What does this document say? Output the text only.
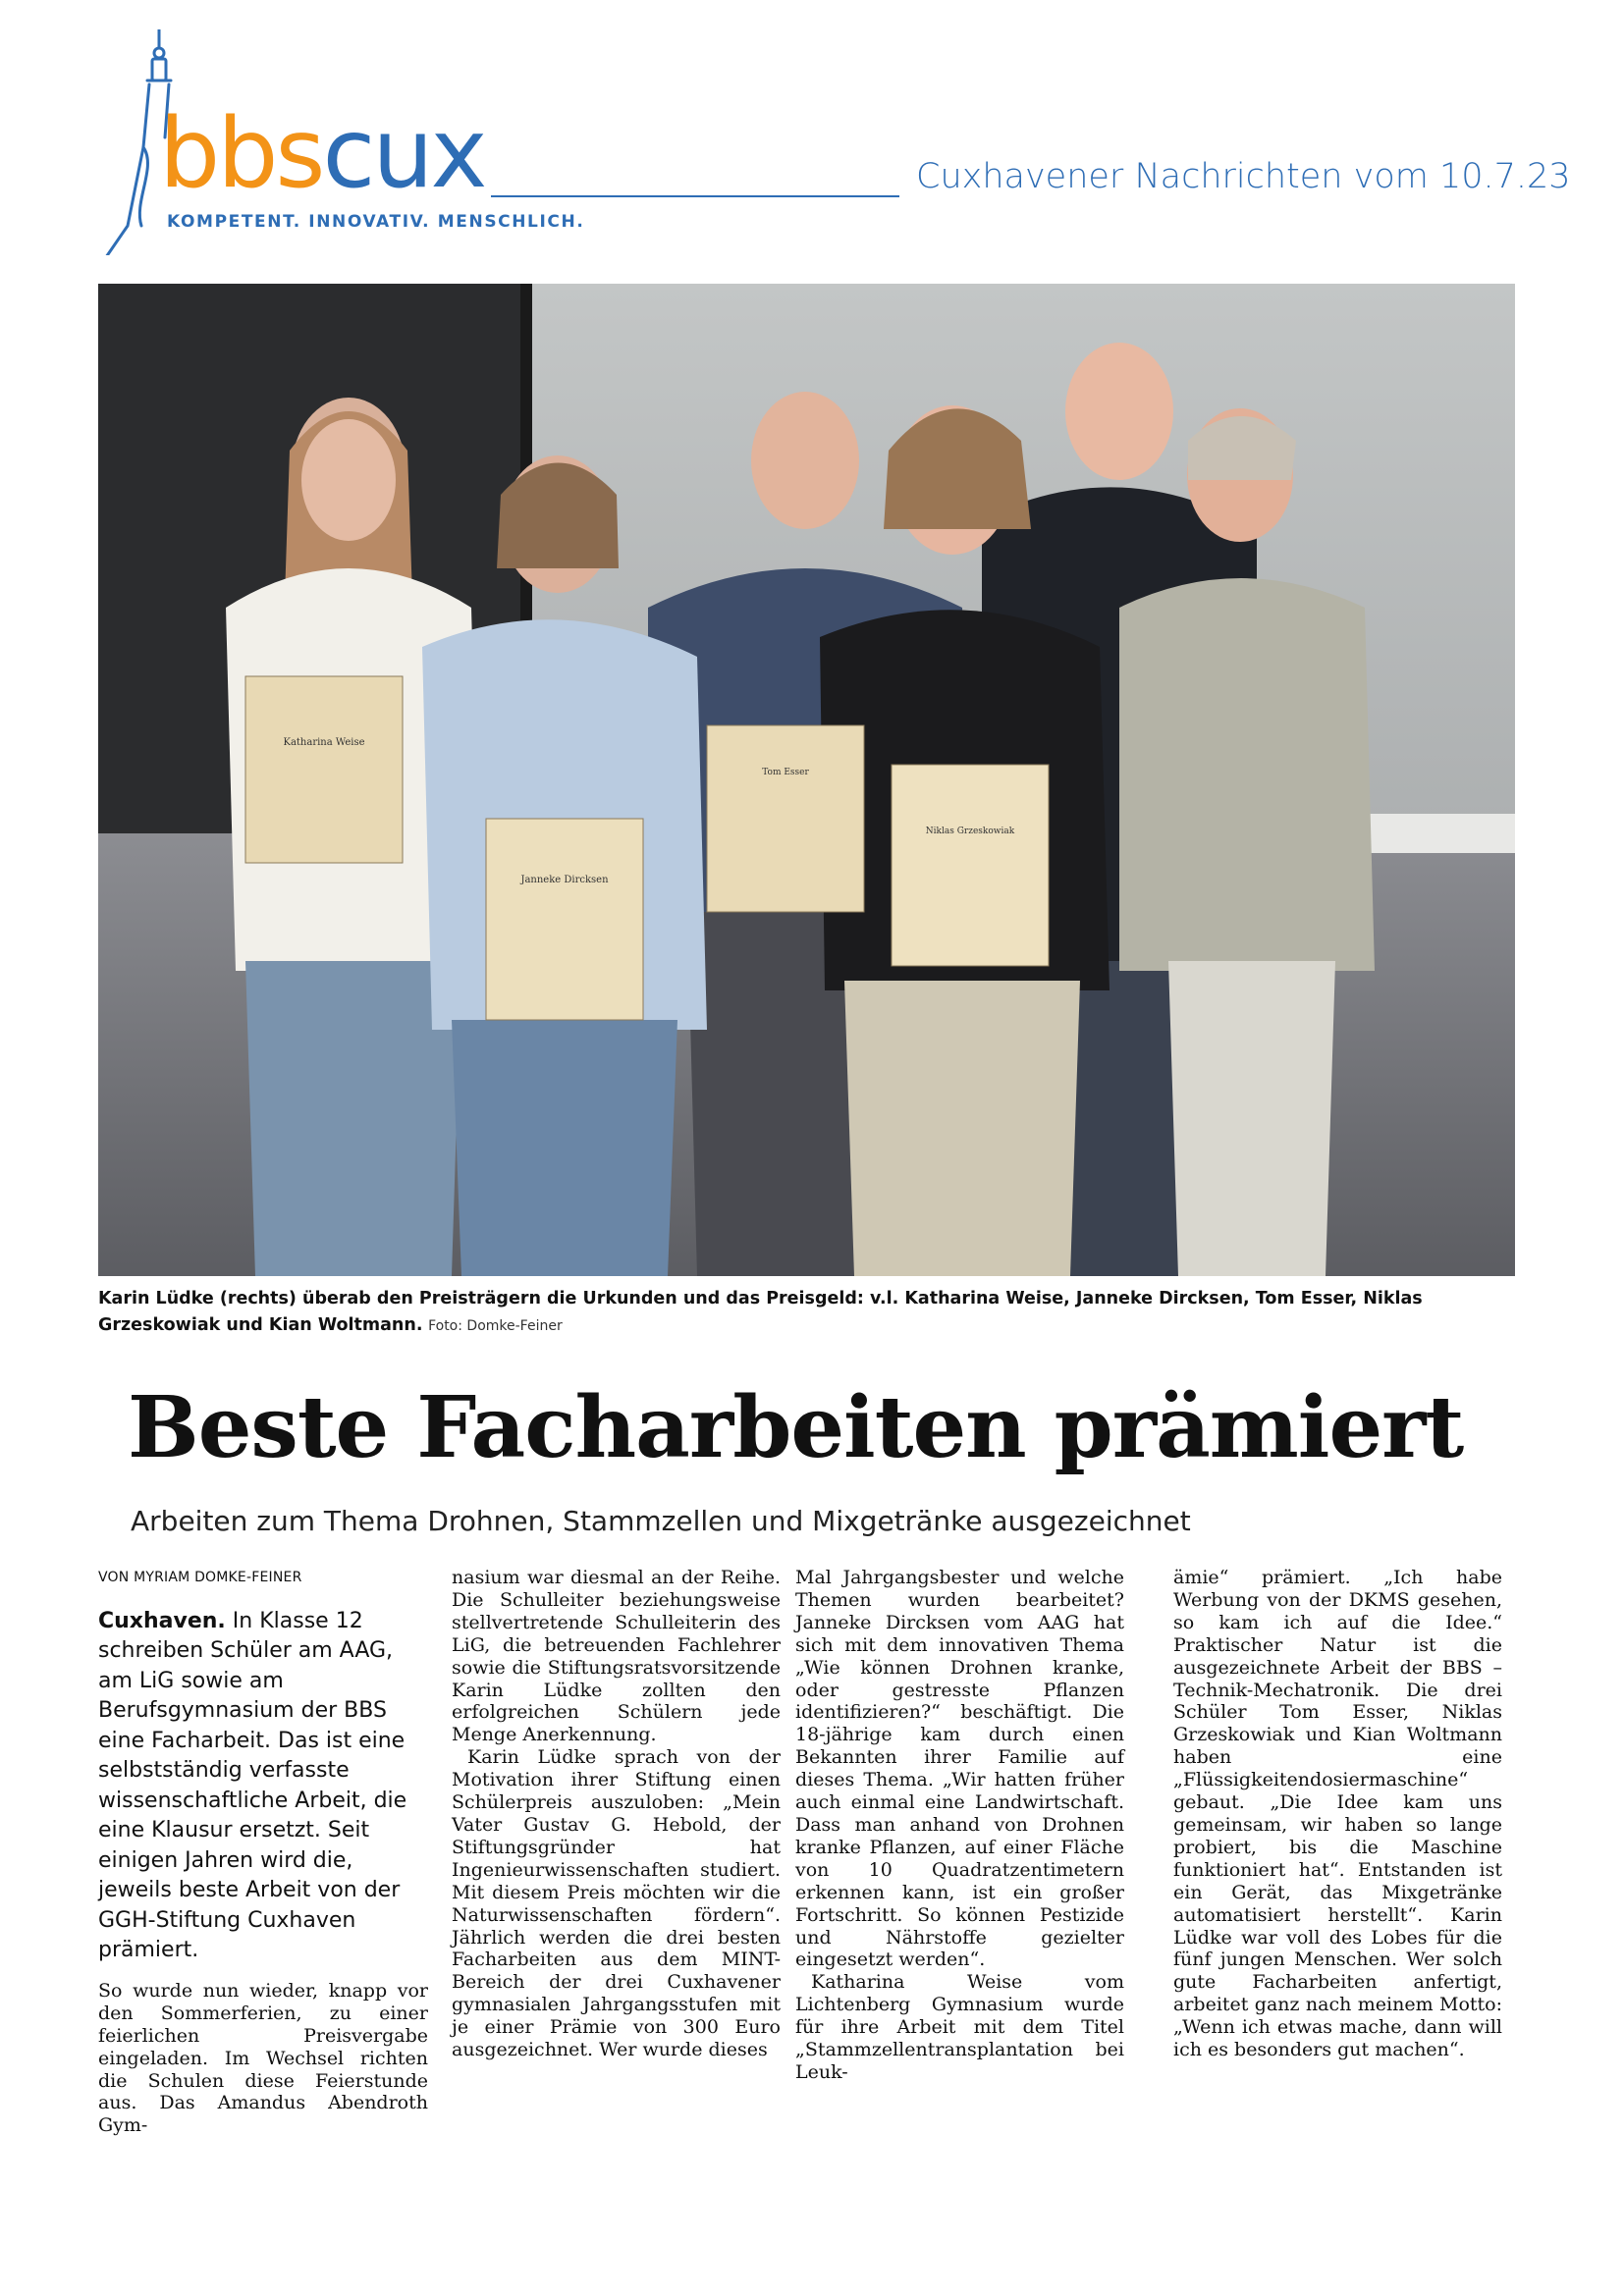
bbscux

KOMPETENT. INNOVATIV. MENSCHLICH.

Cuxhavener Nachrichten vom 10.7.23

Katharina Weise
Janneke Dircksen
Tom Esser
Niklas Grzeskowiak

Karin Lüdke (rechts) überab den Preisträgern die Urkunden und das Preisgeld: v.l. Katharina Weise, Janneke Dircksen, Tom Esser, Niklas Grzeskowiak und Kian Woltmann. Foto: Domke-Feiner

Beste Facharbeiten prämiert

Arbeiten zum Thema Drohnen, Stammzellen und Mixgetränke ausgezeichnet

VON MYRIAM DOMKE-FEINER

Cuxhaven. In Klasse 12 schreiben Schüler am AAG, am LiG sowie am Berufsgymnasium der BBS eine Facharbeit. Das ist eine selbstständig verfasste wissenschaftliche Arbeit, die eine Klausur ersetzt. Seit einigen Jahren wird die, jeweils beste Arbeit von der GGH-Stiftung Cuxhaven prämiert.

So wurde nun wieder, knapp vor den Sommerferien, zu einer feierlichen Preisvergabe eingeladen. Im Wechsel richten die Schulen diese Feierstunde aus. Das Amandus Abendroth Gym-

nasium war diesmal an der Reihe. Die Schulleiter beziehungsweise stellvertretende Schulleiterin des LiG, die betreuenden Fachlehrer sowie die Stiftungsratsvorsitzende Karin Lüdke zollten den erfolgreichen Schülern jede Menge Anerkennung.

Karin Lüdke sprach von der Motivation ihrer Stiftung einen Schülerpreis auszuloben: „Mein Vater Gustav G. Hebold, der Stiftungsgründer hat Ingenieurwissenschaften studiert. Mit diesem Preis möchten wir die Naturwissenschaften fördern“. Jährlich werden die drei besten Facharbeiten aus dem MINT-Bereich der drei Cuxhavener gymnasialen Jahrgangsstufen mit je einer Prämie von 300 Euro ausgezeichnet. Wer wurde dieses

Mal Jahrgangsbester und welche Themen wurden bearbeitet? Janneke Dircksen vom AAG hat sich mit dem innovativen Thema „Wie können Drohnen kranke, oder gestresste Pflanzen identifizieren?“ beschäftigt. Die 18-jährige kam durch einen Bekannten ihrer Familie auf dieses Thema. „Wir hatten früher auch einmal eine Landwirtschaft. Dass man anhand von Drohnen kranke Pflanzen, auf einer Fläche von 10 Quadratzentimetern erkennen kann, ist ein großer Fortschritt. So können Pestizide und Nährstoffe gezielter eingesetzt werden“.

Katharina Weise vom Lichtenberg Gymnasium wurde für ihre Arbeit mit dem Titel „Stammzellentransplantation bei Leuk-

ämie“ prämiert. „Ich habe Werbung von der DKMS gesehen, so kam ich auf die Idee.“ Praktischer Natur ist die ausgezeichnete Arbeit der BBS – Technik-Mechatronik. Die drei Schüler Tom Esser, Niklas Grzeskowiak und Kian Woltmann haben eine „Flüssigkeitendosiermaschine“ gebaut. „Die Idee kam uns gemeinsam, wir haben so lange probiert, bis die Maschine funktioniert hat“. Entstanden ist ein Gerät, das Mixgetränke automatisiert herstellt“. Karin Lüdke war voll des Lobes für die fünf jungen Menschen. Wer solch gute Facharbeiten anfertigt, arbeitet ganz nach meinem Motto: „Wenn ich etwas mache, dann will ich es besonders gut machen“.
